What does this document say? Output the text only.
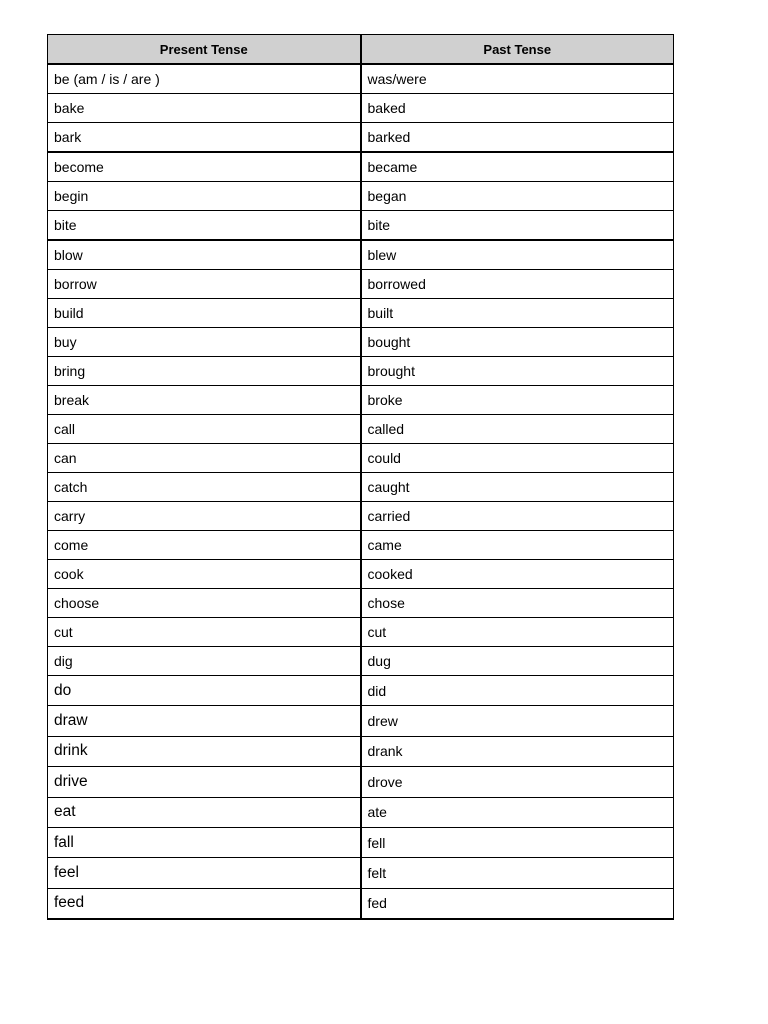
Present Tense	Past Tense
be (am / is / are )	was/were
bake	baked
bark	barked
become	became
begin	began
bite	bite
blow	blew
borrow	borrowed
build	built
buy	bought
bring	brought
break	broke
call	called
can	could
catch	caught
carry	carried
come	came
cook	cooked
choose	chose
cut	cut
dig	dug
do	did
draw	drew
drink	drank
drive	drove
eat	ate
fall	fell
feel	felt
feed	fed
